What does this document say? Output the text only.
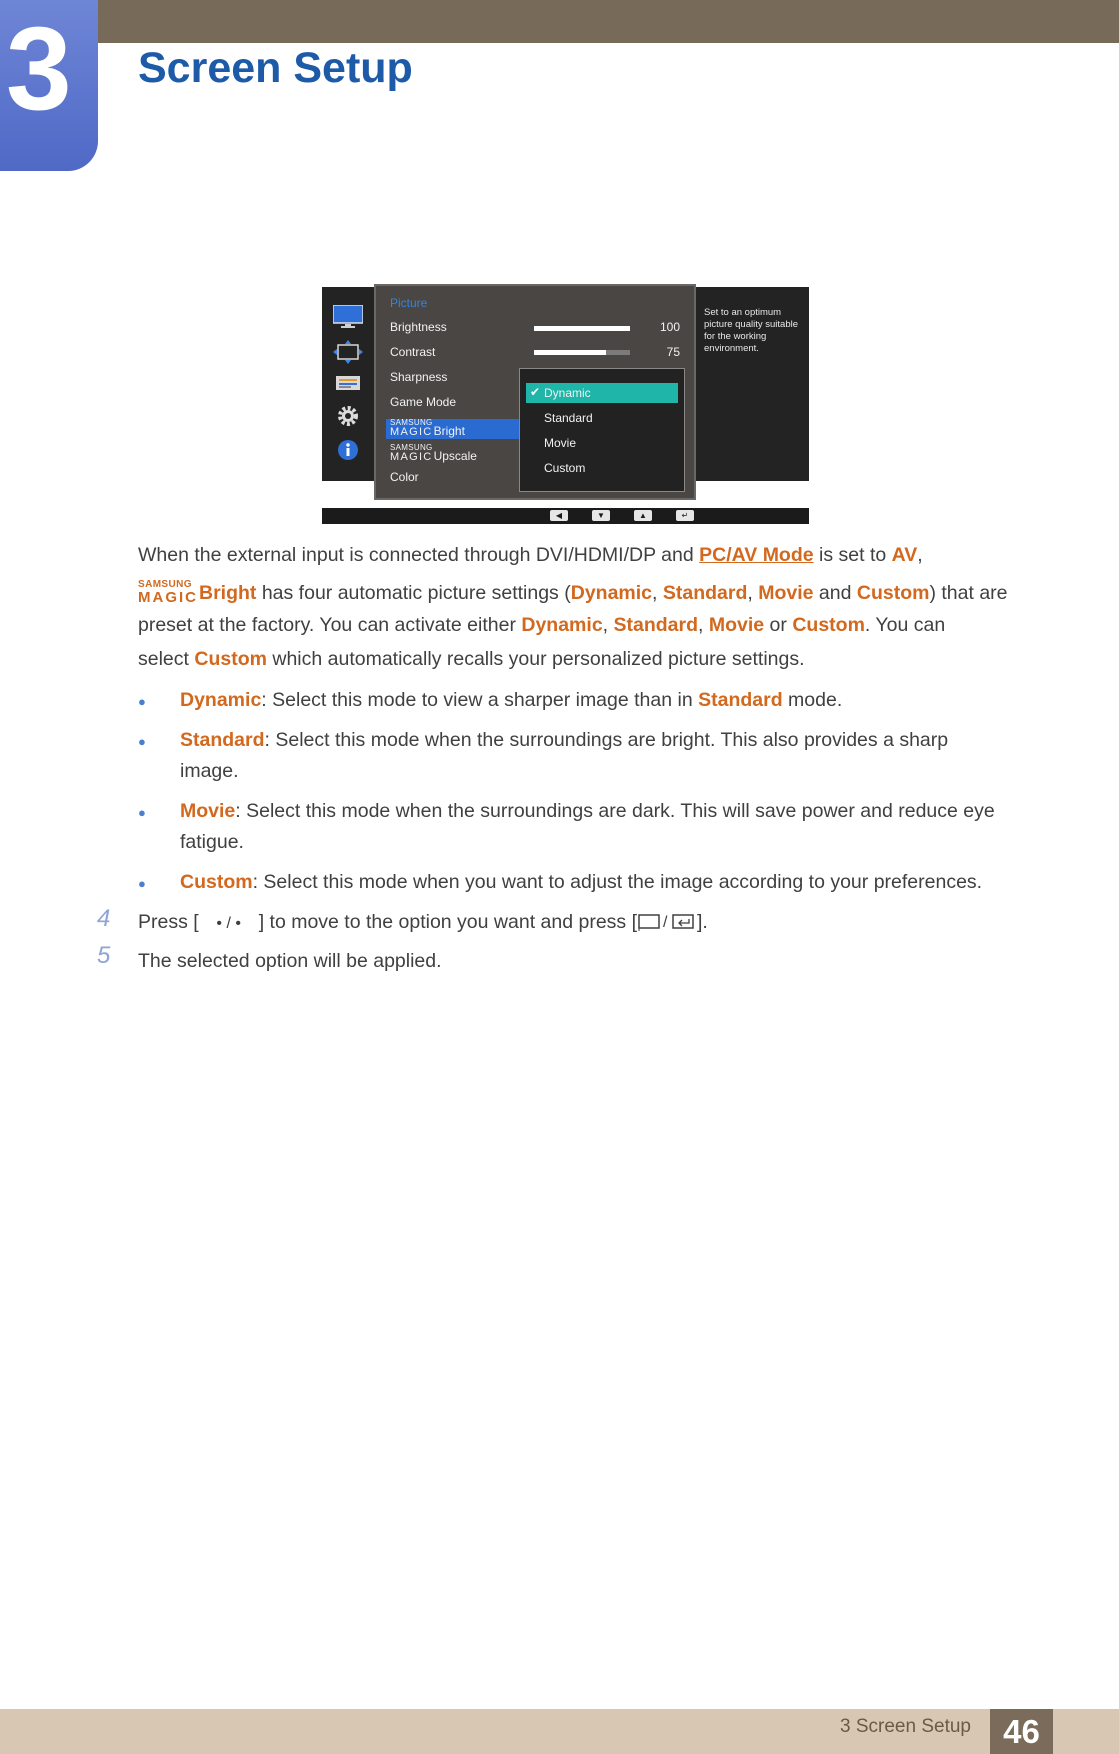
3 Screen Setup
Picture
Brightness	100
Contrast	75
Sharpness
Game Mode
SAMSUNG
MAGIC Bright
SAMSUNG
MAGIC Upscale
Color
✔ Dynamic
Standard
Movie
Custom
Set to an optimum picture quality suitable for the working environment.
◀	▼	▲	↵
When the external input is connected through DVI/HDMI/DP and PC/AV Mode is set to AV,
SAMSUNG
MAGIC Bright has four automatic picture settings (Dynamic, Standard, Movie and Custom) that are
preset at the factory. You can activate either Dynamic, Standard, Movie or Custom. You can
select Custom which automatically recalls your personalized picture settings.
● Dynamic: Select this mode to view a sharper image than in Standard mode.
● Standard: Select this mode when the surroundings are bright. This also provides a sharp
image.
● Movie: Select this mode when the surroundings are dark. This will save power and reduce eye
fatigue.
● Custom: Select this mode when you want to adjust the image according to your preferences.
4 Press [ • / • ] to move to the option you want and press [ / ].
5 The selected option will be applied.
3 Screen Setup 46
